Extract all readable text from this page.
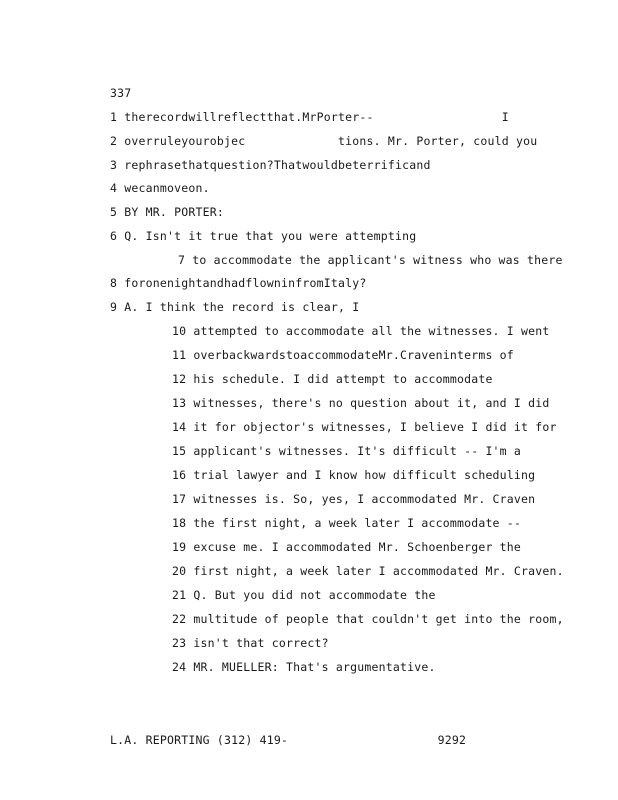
337
1 therecordwillreflectthat.MrPorter--                  I
2 overruleyourobjec             tions. Mr. Porter, could you
3 rephrasethatquestion?Thatwouldbeterrificand
4 wecanmoveon.
5 BY MR. PORTER:
6 Q. Isn't it true that you were attempting
7 to accommodate the applicant's witness who was there
8 foronenightandhadflowninfromItaly?
9 A. I think the record is clear, I
10 attempted to accommodate all the witnesses. I went
11 overbackwardstoaccommodateMr.Craveninterms of
12 his schedule. I did attempt to accommodate
13 witnesses, there's no question about it, and I did
14 it for objector's witnesses, I believe I did it for
15 applicant's witnesses. It's difficult -- I'm a
16 trial lawyer and I know how difficult scheduling
17 witnesses is. So, yes, I accommodated Mr. Craven
18 the first night, a week later I accommodate --
19 excuse me. I accommodated Mr. Schoenberger the
20 first night, a week later I accommodated Mr. Craven.
21 Q. But you did not accommodate the
22 multitude of people that couldn't get into the room,
23 isn't that correct?
24 MR. MUELLER: That's argumentative.
L.A. REPORTING (312) 419-                     9292
